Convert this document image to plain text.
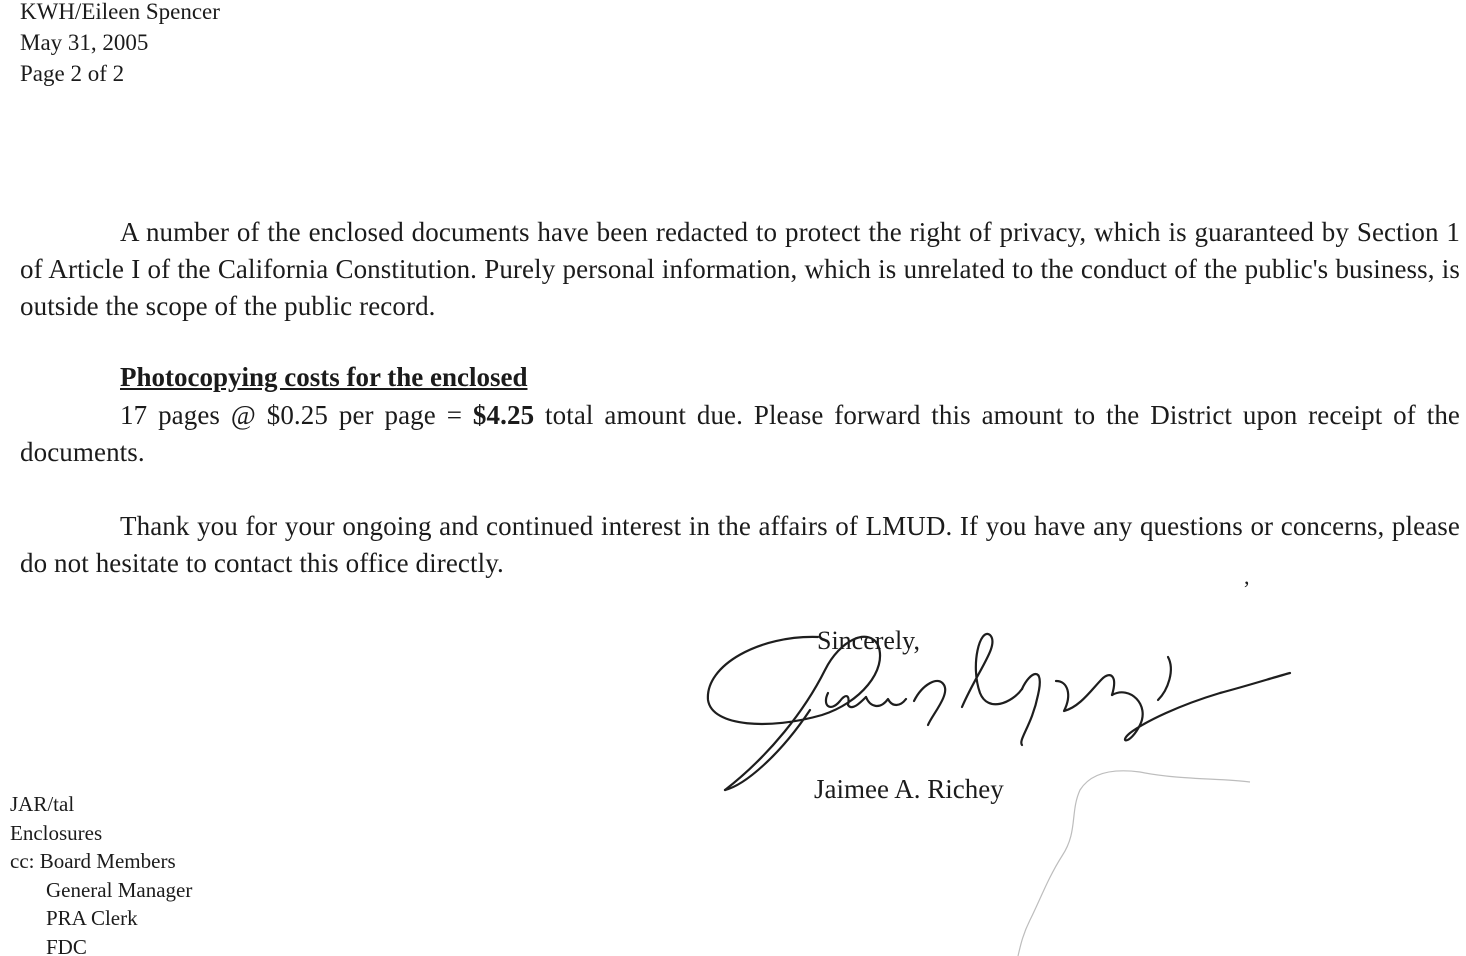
KWH/Eileen Spencer
May 31, 2005
Page 2 of 2
A number of the enclosed documents have been redacted to protect the right of privacy, which is guaranteed by Section 1 of Article I of the California Constitution. Purely personal information, which is unrelated to the conduct of the public's business, is outside the scope of the public record.
Photocopying costs for the enclosed
17 pages @ $0.25 per page = $4.25 total amount due. Please forward this amount to the District upon receipt of the documents.
Thank you for your ongoing and continued interest in the affairs of LMUD. If you have any questions or concerns, please do not hesitate to contact this office directly.	,
Sincerely,
Jaimee A. Richey
JAR/tal
Enclosures
cc: Board Members
General Manager
PRA Clerk
FDC
